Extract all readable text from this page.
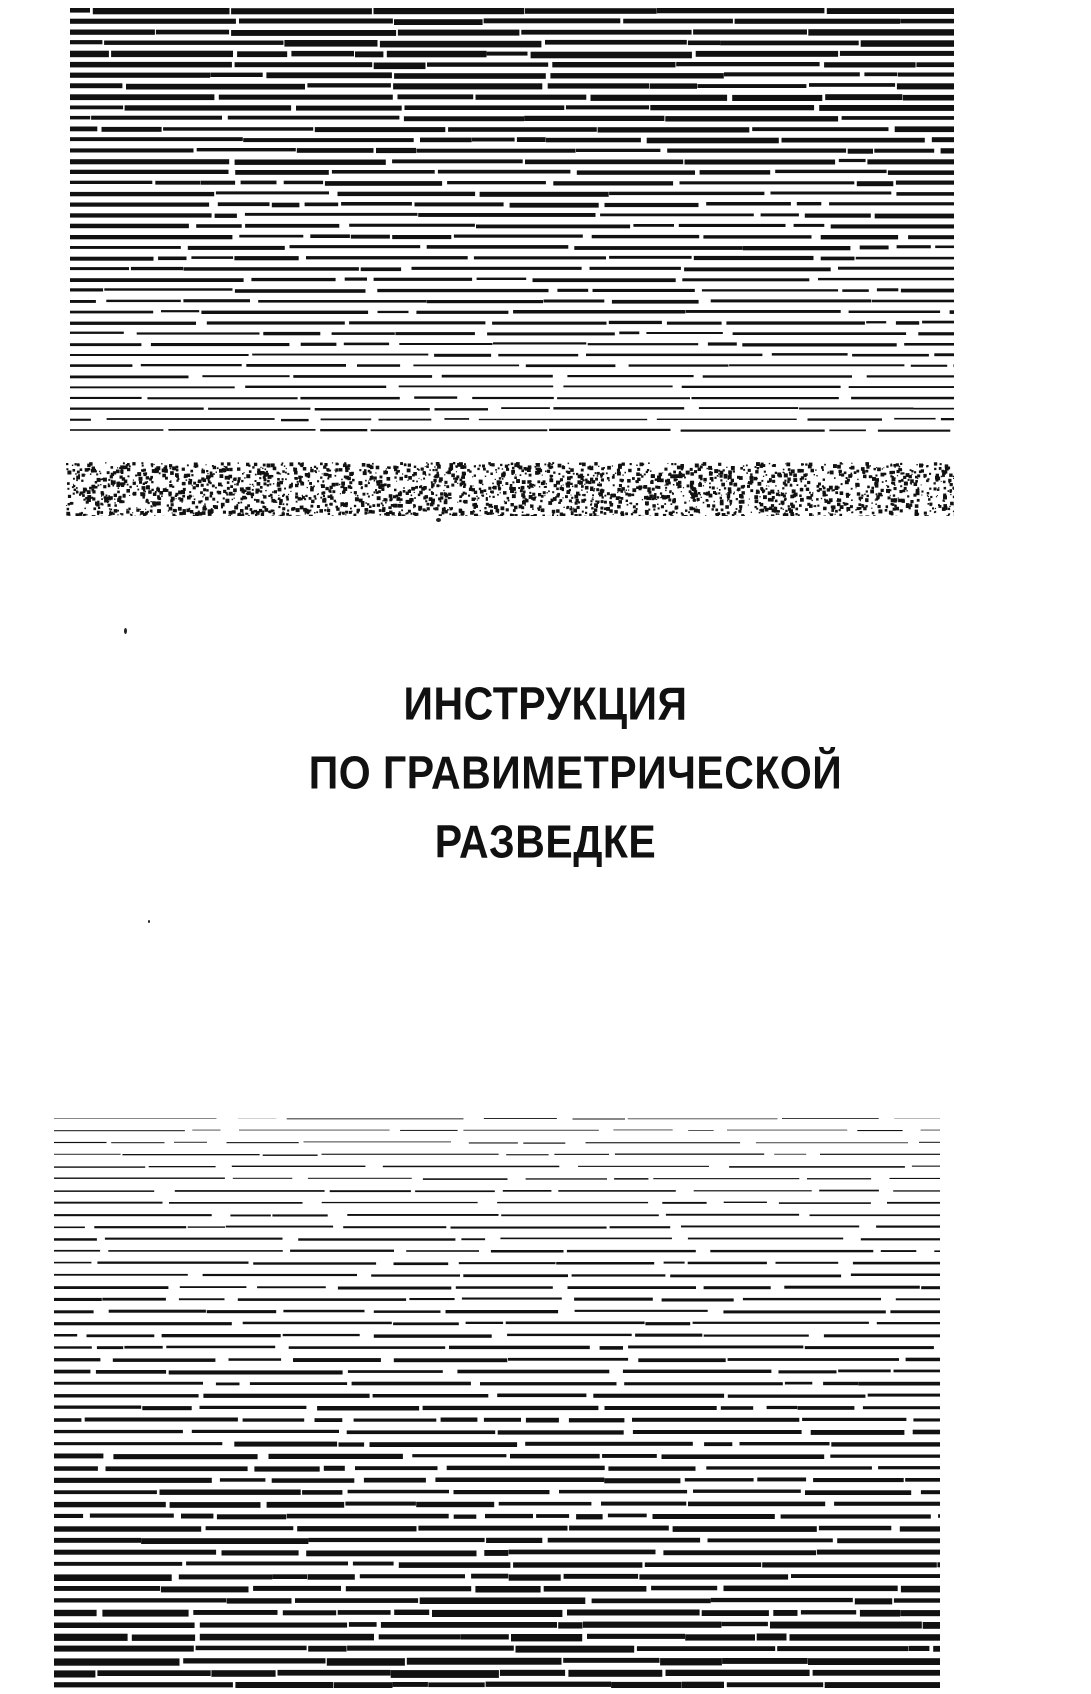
ИНСТРУКЦИЯ
ПО ГРАВИМЕТРИЧЕСКОЙ
РАЗВЕДКЕ
